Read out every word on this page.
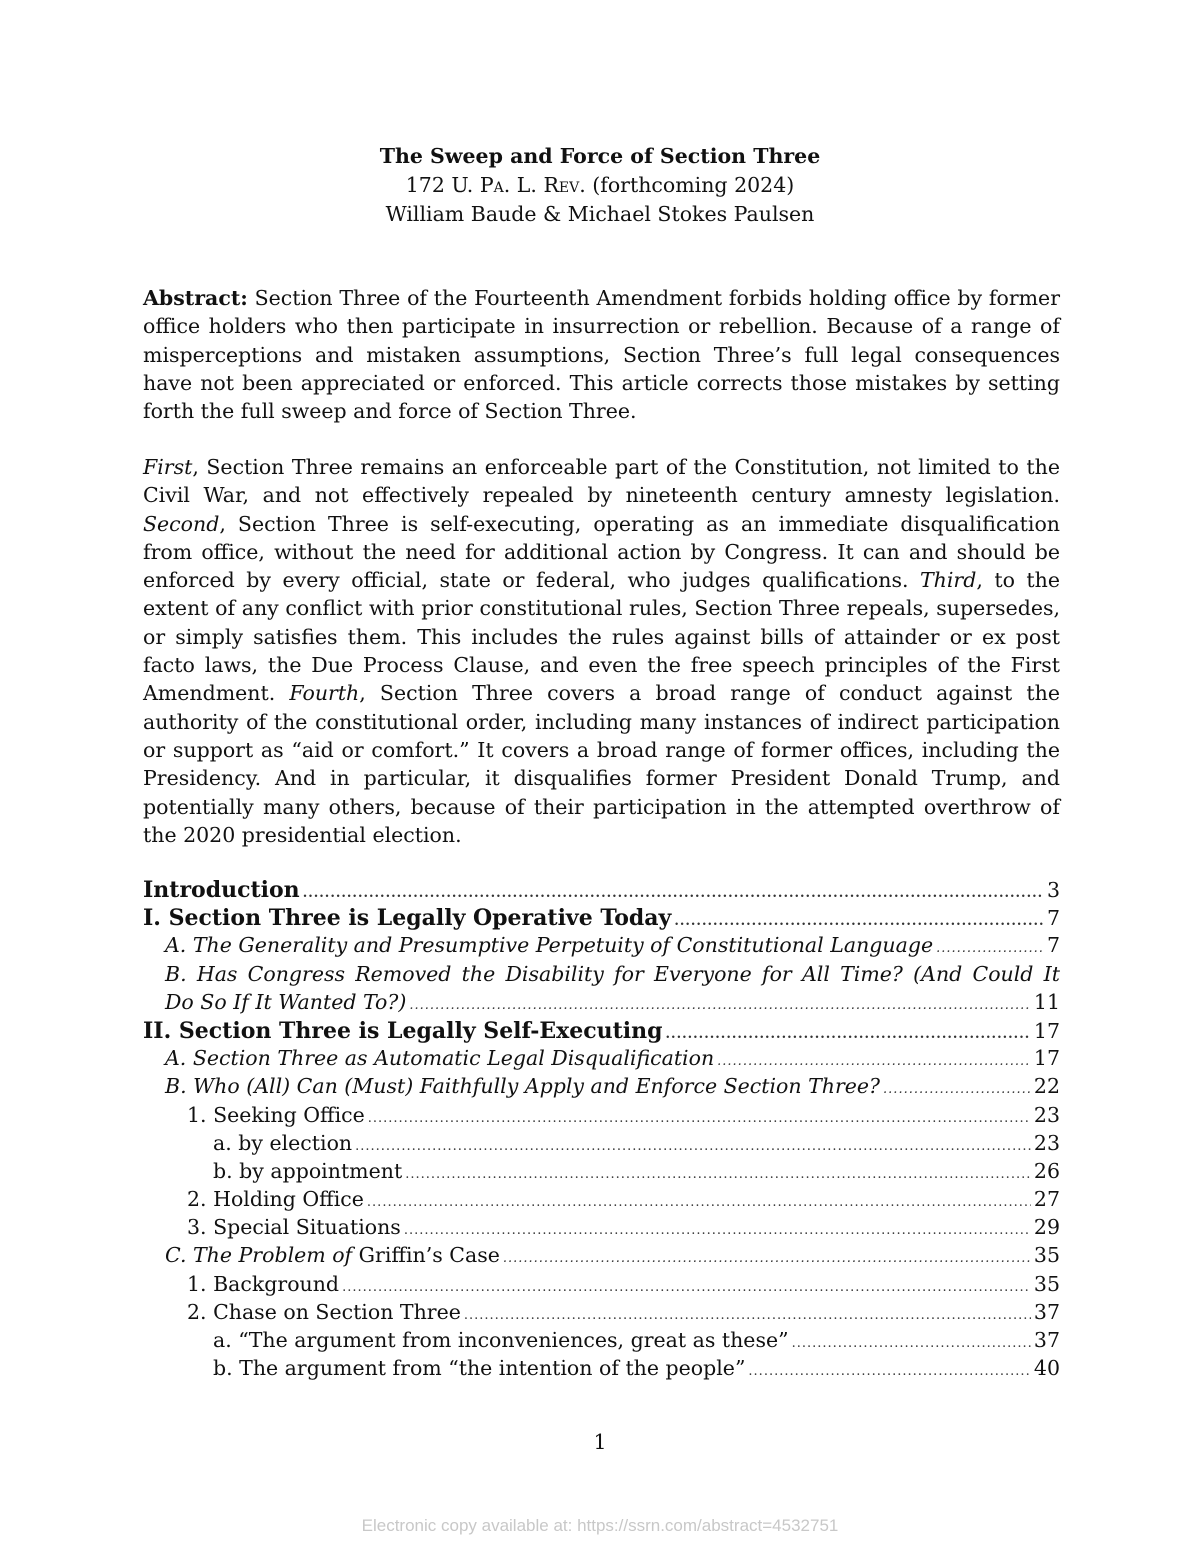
The Sweep and Force of Section Three
172 U. Pa. L. Rev. (forthcoming 2024)
William Baude & Michael Stokes Paulsen

Abstract: Section Three of the Fourteenth Amendment forbids holding office by former office holders who then participate in insurrection or rebellion. Because of a range of misperceptions and mistaken assumptions, Section Three’s full legal consequences have not been appreciated or enforced. This article corrects those mistakes by setting forth the full sweep and force of Section Three.

First, Section Three remains an enforceable part of the Constitution, not limited to the Civil War, and not effectively repealed by nineteenth century amnesty legislation. Second, Section Three is self-executing, operating as an immediate disqualification from office, without the need for additional action by Congress. It can and should be enforced by every official, state or federal, who judges qualifications. Third, to the extent of any conflict with prior constitutional rules, Section Three repeals, supersedes, or simply satisfies them. This includes the rules against bills of attainder or ex post facto laws, the Due Process Clause, and even the free speech principles of the First Amendment. Fourth, Section Three covers a broad range of conduct against the authority of the constitutional order, including many instances of indirect participation or support as “aid or comfort.” It covers a broad range of former offices, including the Presidency. And in particular, it disqualifies former President Donald Trump, and potentially many others, because of their participation in the attempted overthrow of the 2020 presidential election.

Introduction .....	3
I. Section Three is Legally Operative Today .....	7
A. The Generality and Presumptive Perpetuity of Constitutional Language .....	7
B. Has Congress Removed the Disability for Everyone for All Time? (And Could It
Do So If It Wanted To?) .....	11
II. Section Three is Legally Self-Executing .....	17
A. Section Three as Automatic Legal Disqualification .....	17
B. Who (All) Can (Must) Faithfully Apply and Enforce Section Three? .....	22
1. Seeking Office .....	23
a. by election .....	23
b. by appointment .....	26
2. Holding Office .....	27
3. Special Situations .....	29
C. The Problem of Griffin’s Case .....	35
1. Background .....	35
2. Chase on Section Three .....	37
a. “The argument from inconveniences, great as these” .....	37
b. The argument from “the intention of the people” .....	40
1
Electronic copy available at: https://ssrn.com/abstract=4532751
